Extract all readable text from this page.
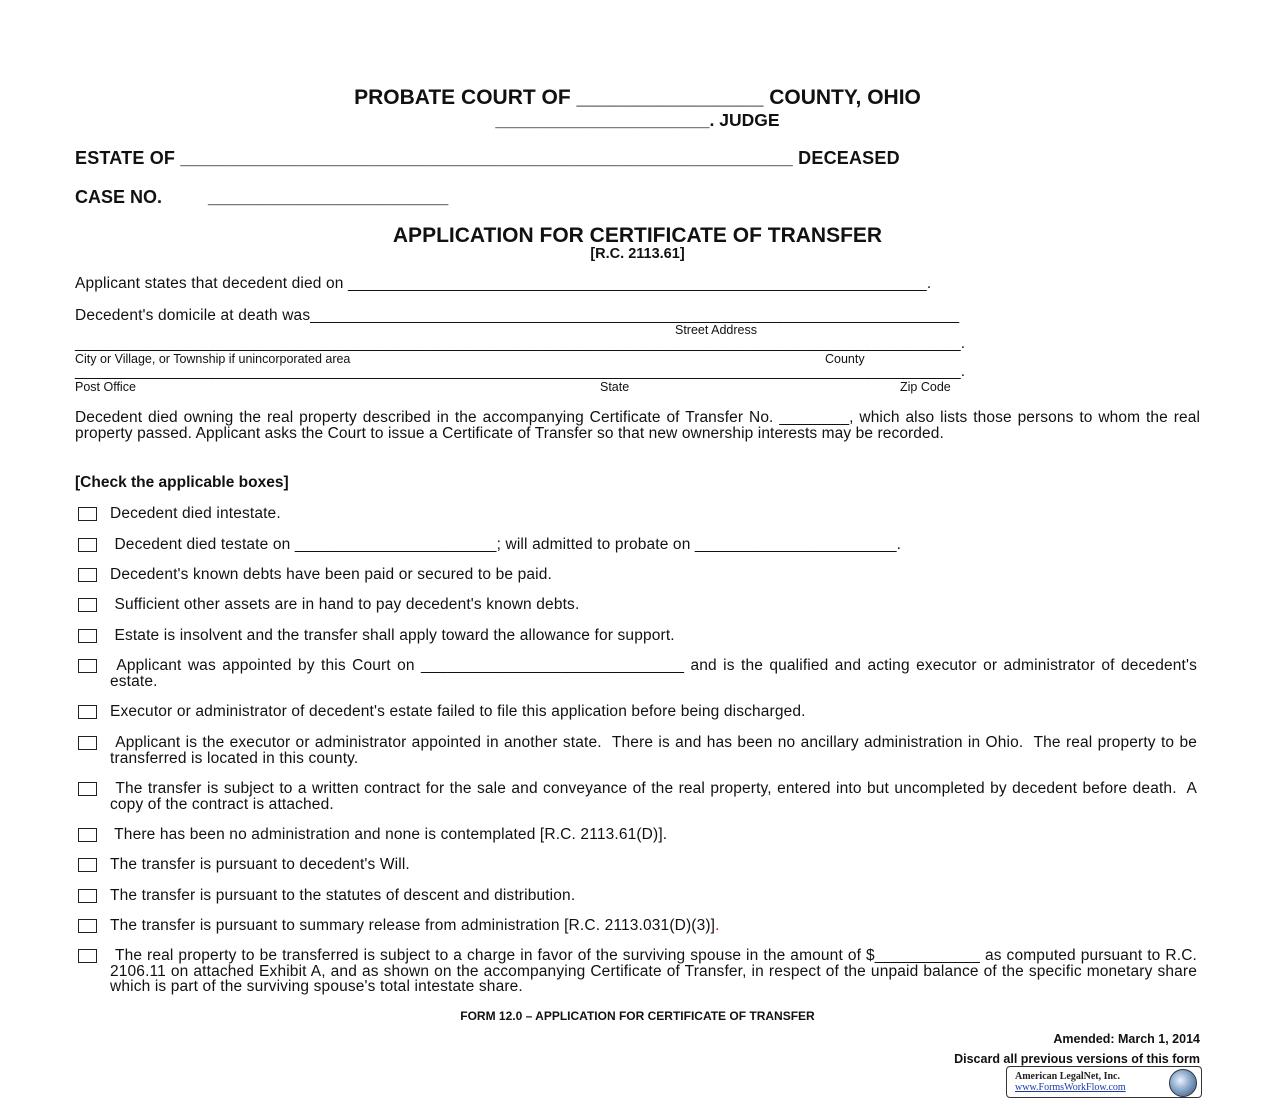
PROBATE COURT OF ________________ COUNTY, OHIO
______________________. JUDGE
ESTATE OF ____________________________________________________________ DECEASED
CASE NO.	________________________
APPLICATION FOR CERTIFICATE OF TRANSFER
[R.C. 2113.61]
Applicant states that decedent died on __________________________________________________________________.
Decedent's domicile at death was__________________________________________________________________________
Street Address
_____________________________________________________________________________________________________.
City or Village, or Township if unincorporated area	County
_____________________________________________________________________________________________________.
Post Office	State	Zip Code
Decedent died owning the real property described in the accompanying Certificate of Transfer No. ________, which also lists those persons to whom the real property passed. Applicant asks the Court to issue a Certificate of Transfer so that new ownership interests may be recorded.
[Check the applicable boxes]
Decedent died intestate.
Decedent died testate on _______________________; will admitted to probate on _______________________.
Decedent's known debts have been paid or secured to be paid.
Sufficient other assets are in hand to pay decedent's known debts.
Estate is insolvent and the transfer shall apply toward the allowance for support.
Applicant was appointed by this Court on ______________________________ and is the qualified and acting executor or administrator of decedent's estate.
Executor or administrator of decedent's estate failed to file this application before being discharged.
Applicant is the executor or administrator appointed in another state.  There is and has been no ancillary administration in Ohio.  The real property to be transferred is located in this county.
The transfer is subject to a written contract for the sale and conveyance of the real property, entered into but uncompleted by decedent before death.  A copy of the contract is attached.
There has been no administration and none is contemplated [R.C. 2113.61(D)].
The transfer is pursuant to decedent's Will.
The transfer is pursuant to the statutes of descent and distribution.
The transfer is pursuant to summary release from administration [R.C. 2113.031(D)(3)].
The real property to be transferred is subject to a charge in favor of the surviving spouse in the amount of $____________ as computed pursuant to R.C. 2106.11 on attached Exhibit A, and as shown on the accompanying Certificate of Transfer, in respect of the unpaid balance of the specific monetary share which is part of the surviving spouse's total intestate share.
FORM 12.0 – APPLICATION FOR CERTIFICATE OF TRANSFER
Amended: March 1, 2014
Discard all previous versions of this form
American LegalNet, Inc.
www.FormsWorkFlow.com
